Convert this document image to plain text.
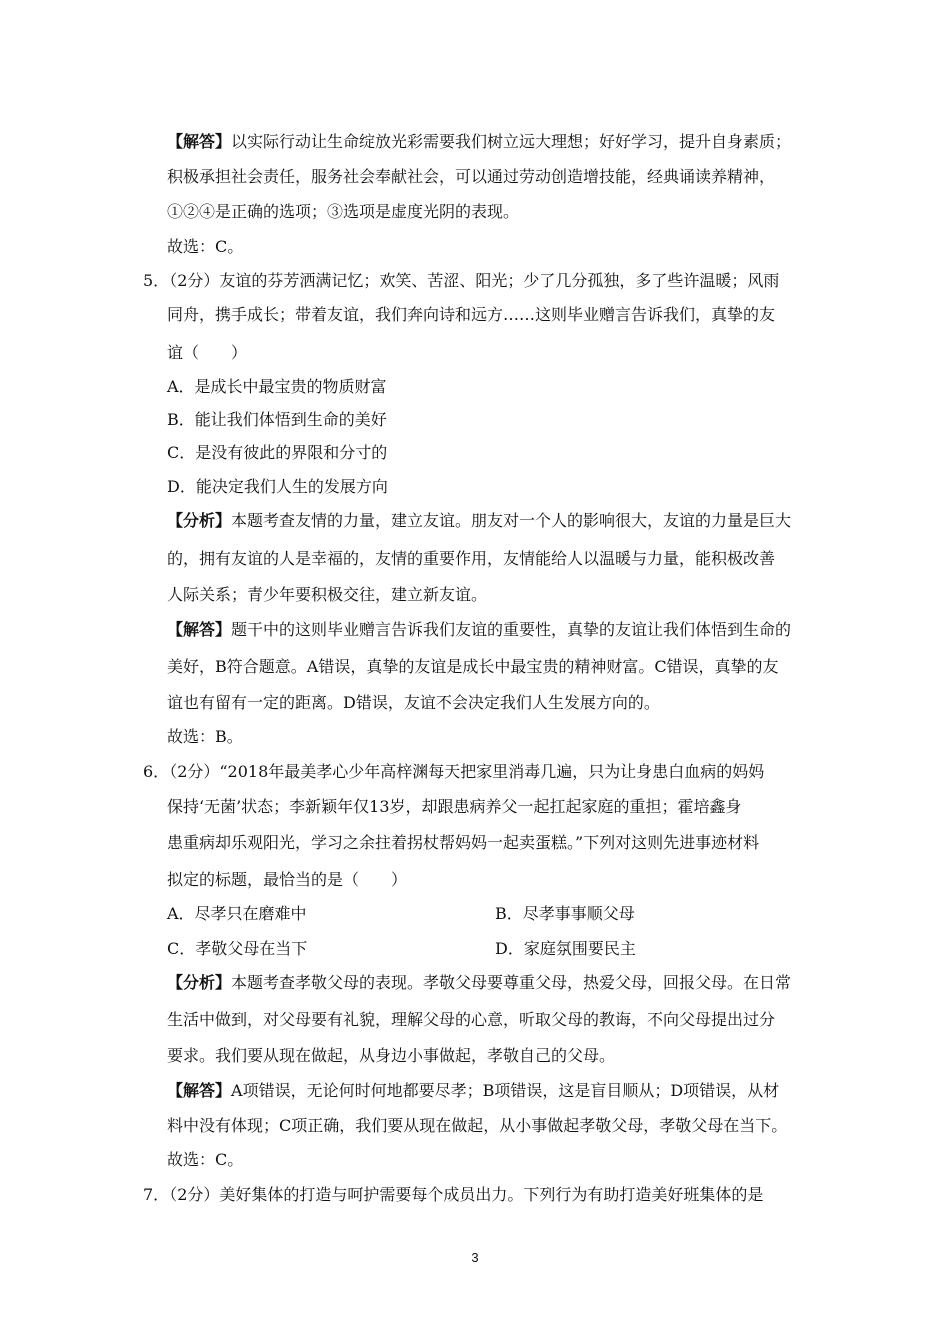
【解答】以实际行动让生命绽放光彩需要我们树立远大理想；好好学习，提升自身素质；
积极承担社会责任，服务社会奉献社会，可以通过劳动创造增技能，经典诵读养精神，
①②④是正确的选项；③选项是虚度光阴的表现。
故选：C。
5．（2分）友谊的芬芳洒满记忆；欢笑、苦涩、阳光；少了几分孤独，多了些许温暖；风雨
同舟，携手成长；带着友谊，我们奔向诗和远方……这则毕业赠言告诉我们，真挚的友
谊（　　）
A．是成长中最宝贵的物质财富
B．能让我们体悟到生命的美好
C．是没有彼此的界限和分寸的
D．能决定我们人生的发展方向
【分析】本题考查友情的力量，建立友谊。朋友对一个人的影响很大，友谊的力量是巨大
的，拥有友谊的人是幸福的，友情的重要作用，友情能给人以温暖与力量，能积极改善
人际关系；青少年要积极交往，建立新友谊。
【解答】题干中的这则毕业赠言告诉我们友谊的重要性，真挚的友谊让我们体悟到生命的
美好，B符合题意。A错误，真挚的友谊是成长中最宝贵的精神财富。C错误，真挚的友
谊也有留有一定的距离。D错误，友谊不会决定我们人生发展方向的。
故选：B。
6．（2分）“2018年最美孝心少年高梓渊每天把家里消毒几遍，只为让身患白血病的妈妈
保持‘无菌’状态；李新颖年仅13岁，却跟患病养父一起扛起家庭的重担；霍培鑫身
患重病却乐观阳光，学习之余拄着拐杖帮妈妈一起卖蛋糕。”下列对这则先进事迹材料
拟定的标题，最恰当的是（　　）
A．尽孝只在磨难中	B．尽孝事事顺父母
C．孝敬父母在当下	D．家庭氛围要民主
【分析】本题考查孝敬父母的表现。孝敬父母要尊重父母，热爱父母，回报父母。在日常
生活中做到，对父母要有礼貌，理解父母的心意，听取父母的教诲，不向父母提出过分
要求。我们要从现在做起，从身边小事做起，孝敬自己的父母。
【解答】A项错误，无论何时何地都要尽孝；B项错误，这是盲目顺从；D项错误，从材
料中没有体现；C项正确，我们要从现在做起，从小事做起孝敬父母，孝敬父母在当下。
故选：C。
7．（2分）美好集体的打造与呵护需要每个成员出力。下列行为有助打造美好班集体的是
3
